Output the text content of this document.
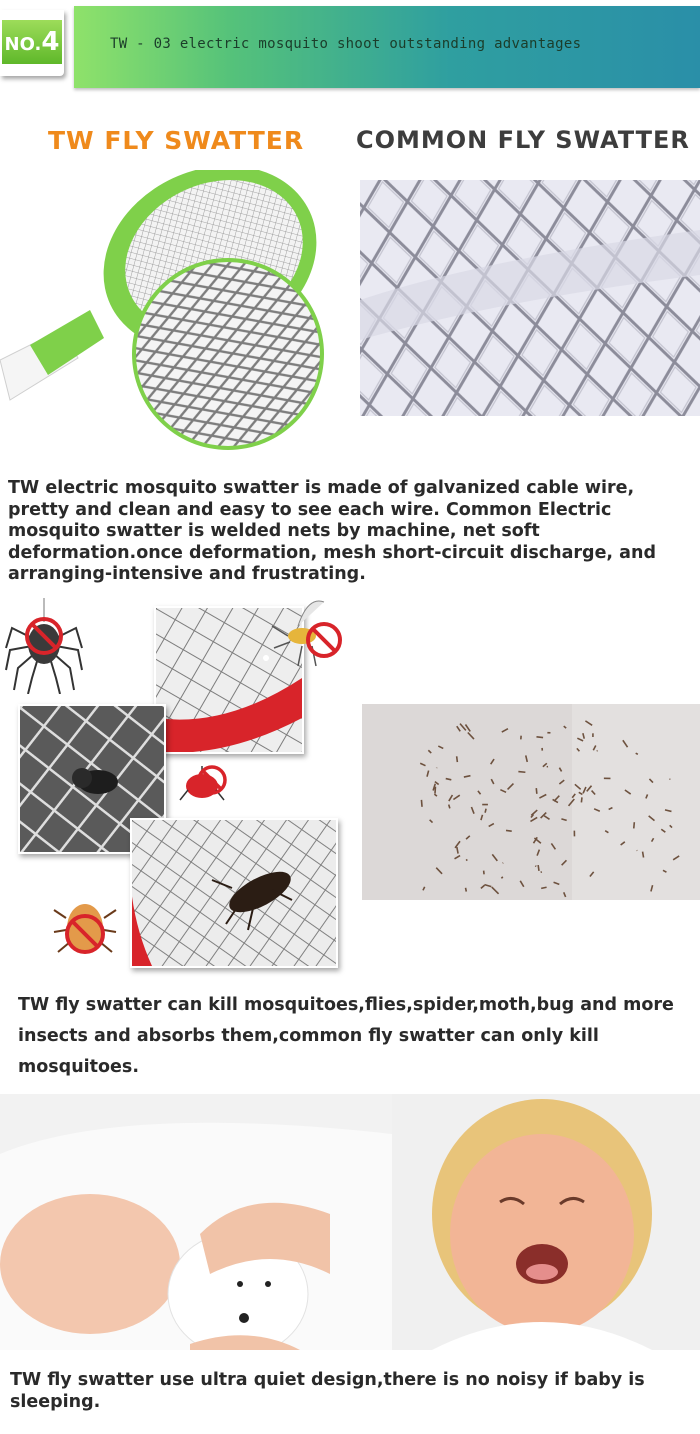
NO.4	TW - 03 electric mosquito shoot outstanding advantages
TW FLY SWATTER COMMON FLY SWATTER
TW electric mosquito swatter is made of galvanized cable wire, pretty and clean and easy to see each wire. Common Electric mosquito swatter is welded nets by machine, net soft deformation.once deformation, mesh short-circuit discharge, and arranging-intensive and frustrating.
TW fly swatter can kill mosquitoes,flies,spider,moth,bug and more insects and absorbs them,common fly swatter can only kill mosquitoes.
TW fly swatter use ultra quiet design,there is no noisy if baby is sleeping.
